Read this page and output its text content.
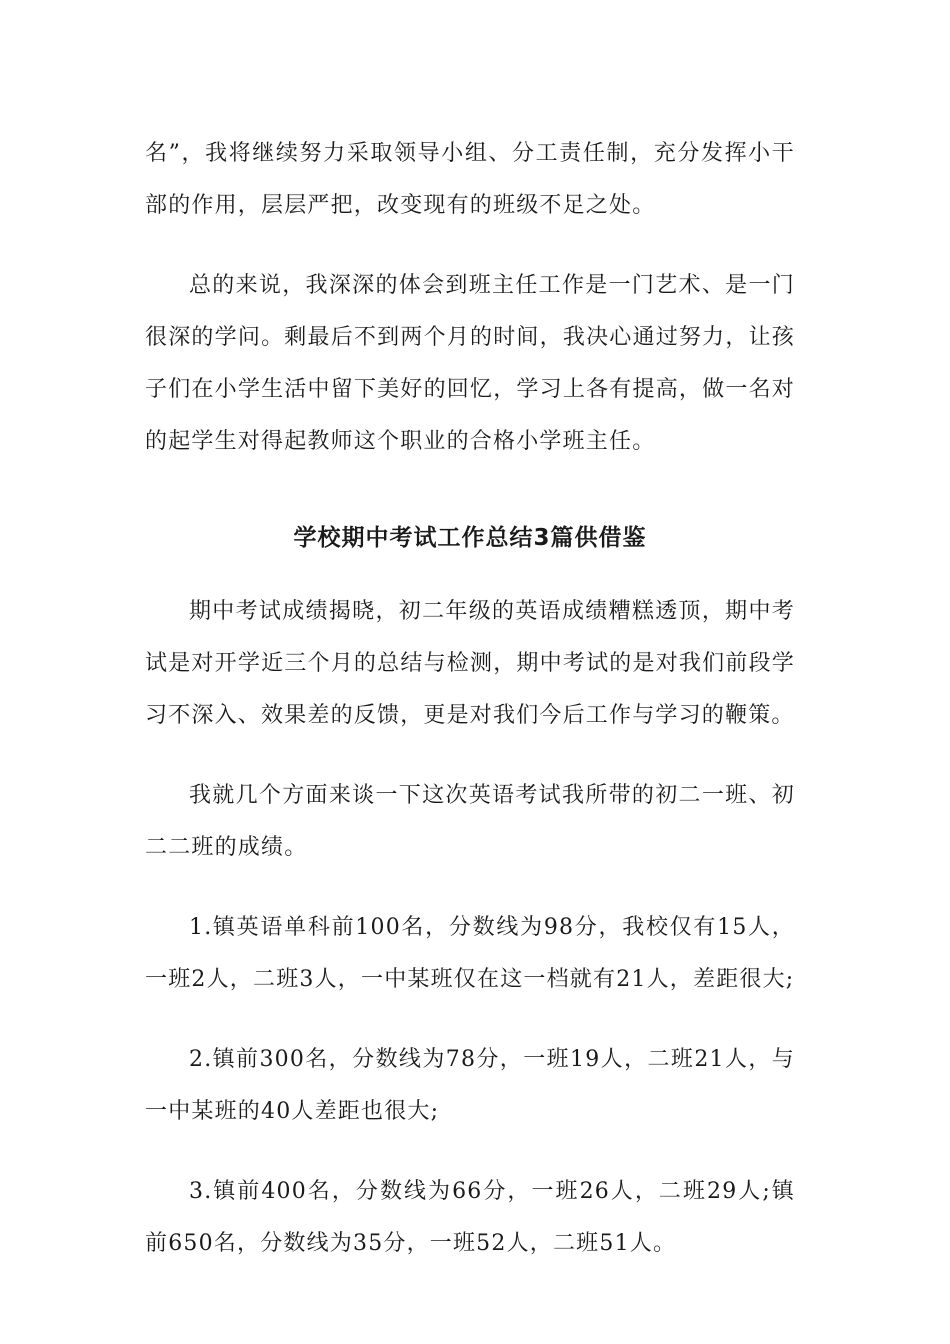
名”，我将继续努力采取领导小组、分工责任制，充分发挥小干部的作用，层层严把，改变现有的班级不足之处。

总的来说，我深深的体会到班主任工作是一门艺术、是一门很深的学问。剩最后不到两个月的时间，我决心通过努力，让孩子们在小学生活中留下美好的回忆，学习上各有提高，做一名对的起学生对得起教师这个职业的合格小学班主任。

学校期中考试工作总结3篇供借鉴

期中考试成绩揭晓，初二年级的英语成绩糟糕透顶，期中考试是对开学近三个月的总结与检测，期中考试的是对我们前段学习不深入、效果差的反馈，更是对我们今后工作与学习的鞭策。

我就几个方面来谈一下这次英语考试我所带的初二一班、初二二班的成绩。

1.镇英语单科前100名，分数线为98分，我校仅有15人，一班2人，二班3人，一中某班仅在这一档就有21人，差距很大;

2.镇前300名，分数线为78分，一班19人，二班21人，与一中某班的40人差距也很大;

3.镇前400名，分数线为66分，一班26人，二班29人;镇前650名，分数线为35分，一班52人，二班51人。
